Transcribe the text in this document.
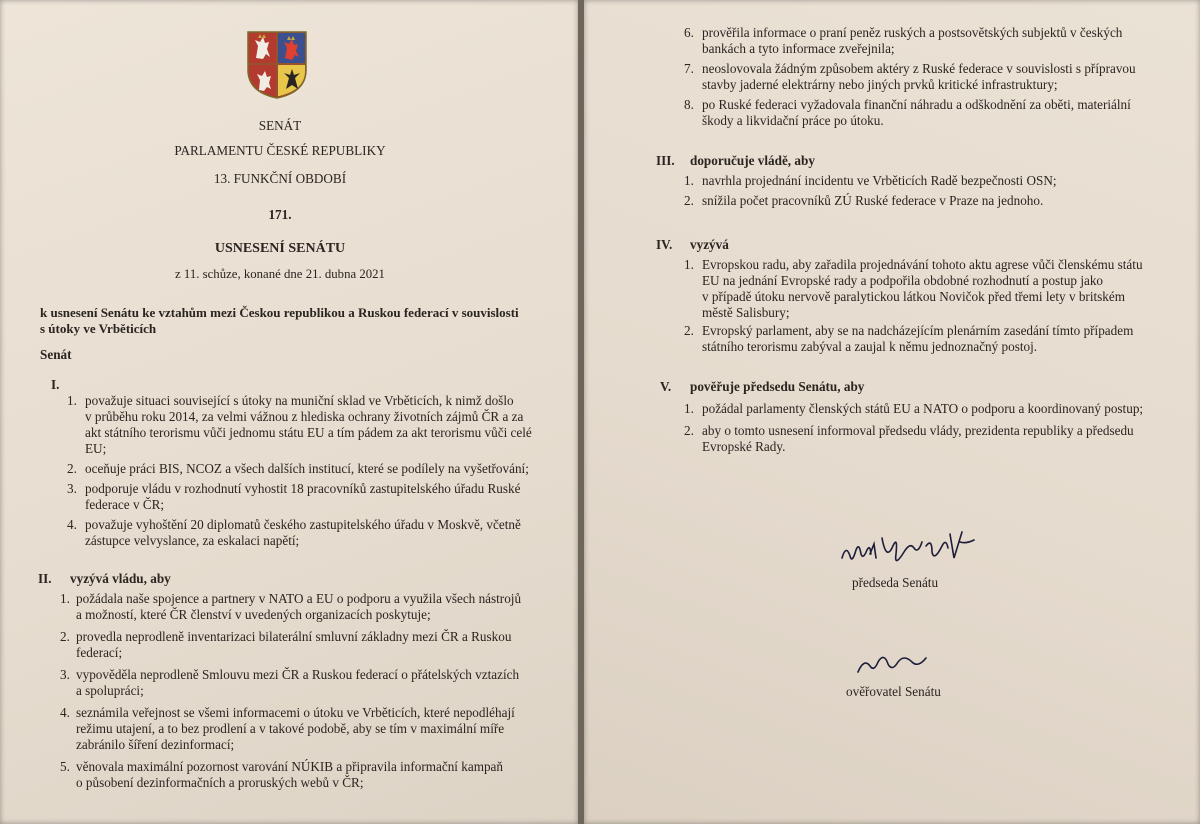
SENÁT
PARLAMENTU ČESKÉ REPUBLIKY
13. FUNKČNÍ OBDOBÍ
171.
USNESENÍ SENÁTU
z 11. schůze, konané dne 21. dubna 2021
k usnesení Senátu ke vztahům mezi Českou republikou a Ruskou federací v souvislosti
s útoky ve Vrběticích
Senát
I.
1. považuje situaci související s útoky na muniční sklad ve Vrběticích, k nimž došlo
v průběhu roku 2014, za velmi vážnou z hlediska ochrany životních zájmů ČR a za
akt státního terorismu vůči jednomu státu EU a tím pádem za akt terorismu vůči celé
EU;
2. oceňuje práci BIS, NCOZ a všech dalších institucí, které se podílely na vyšetřování;
3. podporuje vládu v rozhodnutí vyhostit 18 pracovníků zastupitelského úřadu Ruské
federace v ČR;
4. považuje vyhoštění 20 diplomatů českého zastupitelského úřadu v Moskvě, včetně
zástupce velvyslance, za eskalaci napětí;
II. vyzývá vládu, aby
1. požádala naše spojence a partnery v NATO a EU o podporu a využila všech nástrojů
a možností, které ČR členství v uvedených organizacích poskytuje;
2. provedla neprodleně inventarizaci bilaterální smluvní základny mezi ČR a Ruskou
federací;
3. vypověděla neprodleně Smlouvu mezi ČR a Ruskou federací o přátelských vztazích
a spolupráci;
4. seznámila veřejnost se všemi informacemi o útoku ve Vrběticích, které nepodléhají
režimu utajení, a to bez prodlení a v takové podobě, aby se tím v maximální míře
zabránilo šíření dezinformací;
5. věnovala maximální pozornost varování NÚKIB a připravila informační kampaň
o působení dezinformačních a proruských webů v ČR;
6. prověřila informace o praní peněz ruských a postsovětských subjektů v českých
bankách a tyto informace zveřejnila;
7. neoslovovala žádným způsobem aktéry z Ruské federace v souvislosti s přípravou
stavby jaderné elektrárny nebo jiných prvků kritické infrastruktury;
8. po Ruské federaci vyžadovala finanční náhradu a odškodnění za oběti, materiální
škody a likvidační práce po útoku.
III. doporučuje vládě, aby
1. navrhla projednání incidentu ve Vrběticích Radě bezpečnosti OSN;
2. snížila počet pracovníků ZÚ Ruské federace v Praze na jednoho.
IV. vyzývá
1. Evropskou radu, aby zařadila projednávání tohoto aktu agrese vůči členskému státu
EU na jednání Evropské rady a podpořila obdobné rozhodnutí a postup jako
v případě útoku nervově paralytickou látkou Novičok před třemi lety v britském
městě Salisbury;
2. Evropský parlament, aby se na nadcházejícím plenárním zasedání tímto případem
státního terorismu zabýval a zaujal k němu jednoznačný postoj.
V. pověřuje předsedu Senátu, aby
1. požádal parlamenty členských států EU a NATO o podporu a koordinovaný postup;
2. aby o tomto usnesení informoval předsedu vlády, prezidenta republiky a předsedu
Evropské Rady.
předseda Senátu
ověřovatel Senátu
